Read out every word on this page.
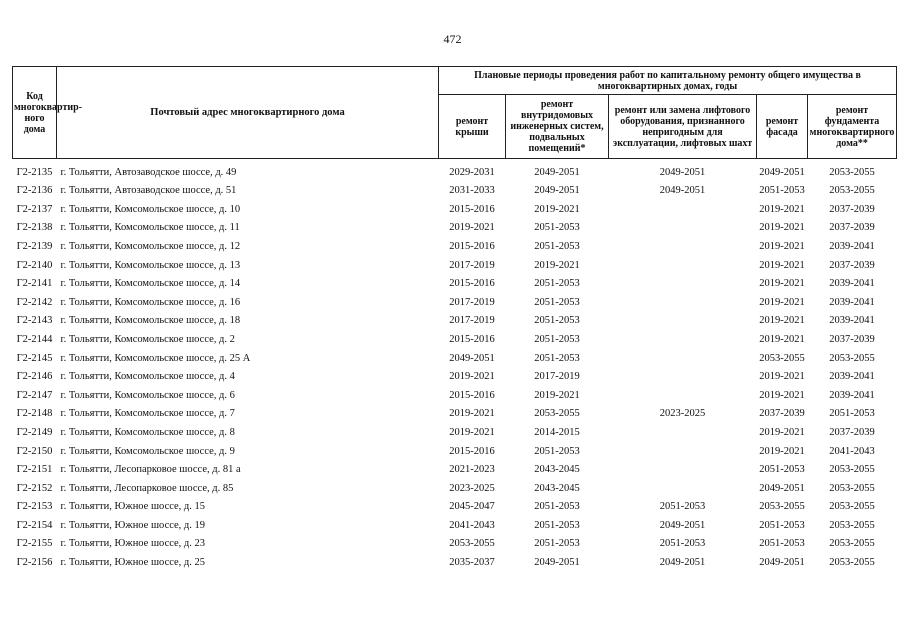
472
Код многоквартир-ного дома	Почтовый адрес многоквартирного дома	Плановые периоды проведения работ по капитальному ремонту общего имущества в многоквартирных домах, годы				
		ремонт крыши	ремонт внутридомовых инженерных систем, подвальных помещений*	ремонт или замена лифтового оборудования, признанного непригодным для эксплуатации, лифтовых шахт	ремонт фасада	ремонт фундамента многоквартирного дома**
Г2-2135	г. Тольятти, Автозаводское шоссе, д. 49	2029-2031	2049-2051	2049-2051	2049-2051	2053-2055
Г2-2136	г. Тольятти, Автозаводское шоссе, д. 51	2031-2033	2049-2051	2049-2051	2051-2053	2053-2055
Г2-2137	г. Тольятти, Комсомольское шоссе, д. 10	2015-2016	2019-2021		2019-2021	2037-2039
Г2-2138	г. Тольятти, Комсомольское шоссе, д. 11	2019-2021	2051-2053		2019-2021	2037-2039
Г2-2139	г. Тольятти, Комсомольское шоссе, д. 12	2015-2016	2051-2053		2019-2021	2039-2041
Г2-2140	г. Тольятти, Комсомольское шоссе, д. 13	2017-2019	2019-2021		2019-2021	2037-2039
Г2-2141	г. Тольятти, Комсомольское шоссе, д. 14	2015-2016	2051-2053		2019-2021	2039-2041
Г2-2142	г. Тольятти, Комсомольское шоссе, д. 16	2017-2019	2051-2053		2019-2021	2039-2041
Г2-2143	г. Тольятти, Комсомольское шоссе, д. 18	2017-2019	2051-2053		2019-2021	2039-2041
Г2-2144	г. Тольятти, Комсомольское шоссе, д. 2	2015-2016	2051-2053		2019-2021	2037-2039
Г2-2145	г. Тольятти, Комсомольское шоссе, д. 25 А	2049-2051	2051-2053		2053-2055	2053-2055
Г2-2146	г. Тольятти, Комсомольское шоссе, д. 4	2019-2021	2017-2019		2019-2021	2039-2041
Г2-2147	г. Тольятти, Комсомольское шоссе, д. 6	2015-2016	2019-2021		2019-2021	2039-2041
Г2-2148	г. Тольятти, Комсомольское шоссе, д. 7	2019-2021	2053-2055	2023-2025	2037-2039	2051-2053
Г2-2149	г. Тольятти, Комсомольское шоссе, д. 8	2019-2021	2014-2015		2019-2021	2037-2039
Г2-2150	г. Тольятти, Комсомольское шоссе, д. 9	2015-2016	2051-2053		2019-2021	2041-2043
Г2-2151	г. Тольятти, Лесопарковое шоссе, д. 81 а	2021-2023	2043-2045		2051-2053	2053-2055
Г2-2152	г. Тольятти, Лесопарковое шоссе, д. 85	2023-2025	2043-2045		2049-2051	2053-2055
Г2-2153	г. Тольятти, Южное шоссе, д. 15	2045-2047	2051-2053	2051-2053	2053-2055	2053-2055
Г2-2154	г. Тольятти, Южное шоссе, д. 19	2041-2043	2051-2053	2049-2051	2051-2053	2053-2055
Г2-2155	г. Тольятти, Южное шоссе, д. 23	2053-2055	2051-2053	2051-2053	2051-2053	2053-2055
Г2-2156	г. Тольятти, Южное шоссе, д. 25	2035-2037	2049-2051	2049-2051	2049-2051	2053-2055
